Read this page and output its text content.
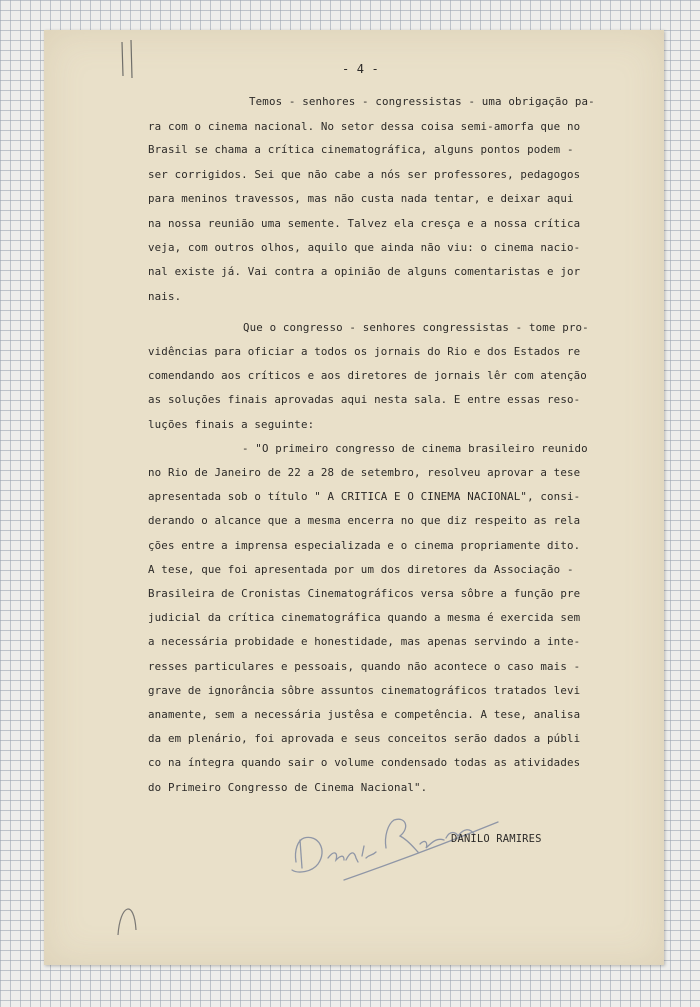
- 4 -
Temos - senhores - congressistas - uma obrigação pa-
ra com o cinema nacional. No setor dessa coisa semi-amorfa que no
Brasil se chama a crítica cinematográfica, alguns pontos podem -
ser corrigidos. Sei que não cabe a nós ser professores, pedagogos
para meninos travessos, mas não custa nada tentar, e deixar aqui
na nossa reunião uma semente. Talvez ela cresça e a nossa crítica
veja, com outros olhos, aquilo que ainda não viu: o cinema nacio-
nal existe já. Vai contra a opinião de alguns comentaristas e jor
nais.
Que o congresso - senhores congressistas - tome pro-
vidências para oficiar a todos os jornais do Rio e dos Estados re
comendando aos críticos e aos diretores de jornais lêr com atenção
as soluções finais aprovadas aqui nesta sala. E entre essas reso-
luções finais a seguinte:
- "O primeiro congresso de cinema brasileiro reunido
no Rio de Janeiro de 22 a 28 de setembro, resolveu aprovar a tese
apresentada sob o título " A CRITICA E O CINEMA NACIONAL", consi-
derando o alcance que a mesma encerra no que diz respeito as rela
ções entre a imprensa especializada e o cinema propriamente dito.
A tese, que foi apresentada por um dos diretores da Associação -
Brasileira de Cronistas Cinematográficos versa sôbre a função pre
judicial da crítica cinematográfica quando a mesma é exercida sem
a necessária probidade e honestidade, mas apenas servindo a inte-
resses particulares e pessoais, quando não acontece o caso mais -
grave de ignorância sôbre assuntos cinematográficos tratados levi
anamente, sem a necessária justêsa e competência. A tese, analisa
da em plenário, foi aprovada e seus conceitos serão dados a públi
co na íntegra quando sair o volume condensado todas as atividades
do Primeiro Congresso de Cinema Nacional".
DANILO RAMIRES
